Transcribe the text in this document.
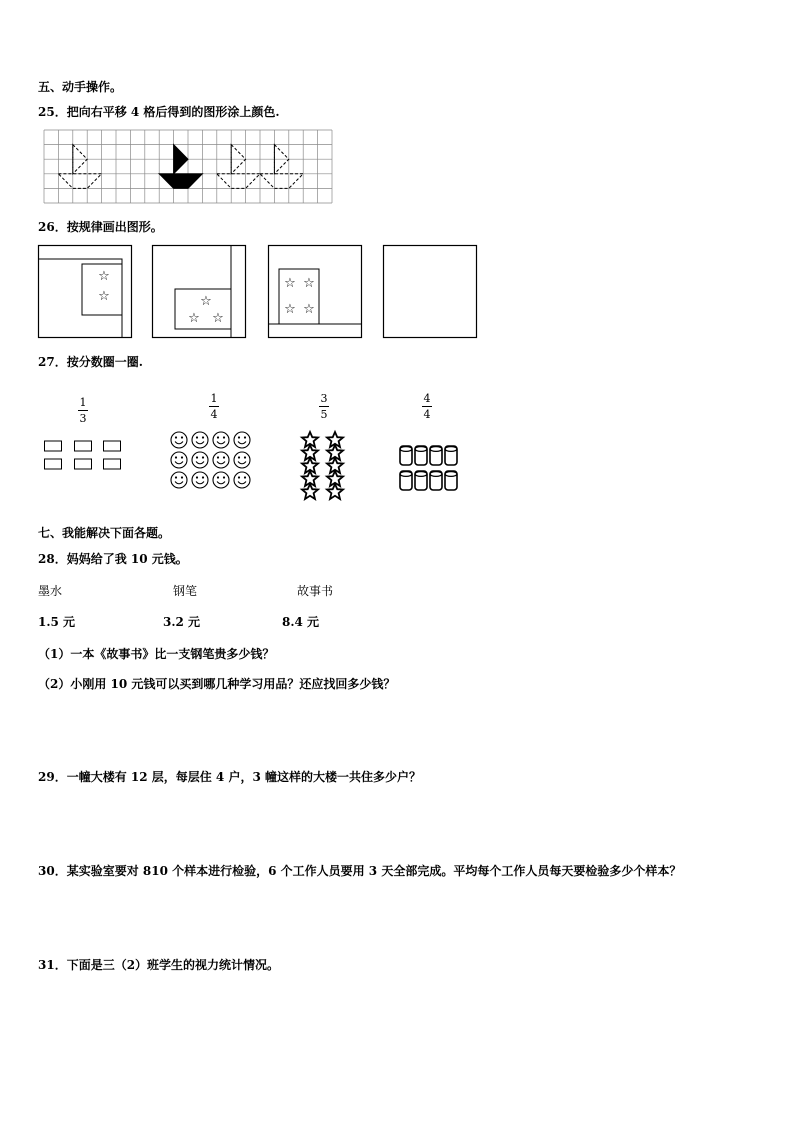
五、动手操作。
25．把向右平移 4 格后得到的图形涂上颜色.
26．按规律画出图形。
☆
☆	☆
☆ ☆
☆ ☆
☆ ☆
27．按分数圈一圈.
1
3
1
4
3
5
4
4
七、我能解决下面各题。
28．妈妈给了我 10 元钱。
墨水	钢笔	故事书
1.5 元	3.2 元	8.4 元
（1）一本《故事书》比一支钢笔贵多少钱？
（2）小刚用 10 元钱可以买到哪几种学习用品？还应找回多少钱？
29．一幢大楼有 12 层，每层住 4 户，3 幢这样的大楼一共住多少户？
30．某实验室要对 810 个样本进行检验，6 个工作人员要用 3 天全部完成。平均每个工作人员每天要检验多少个样本？
31．下面是三（2）班学生的视力统计情况。
